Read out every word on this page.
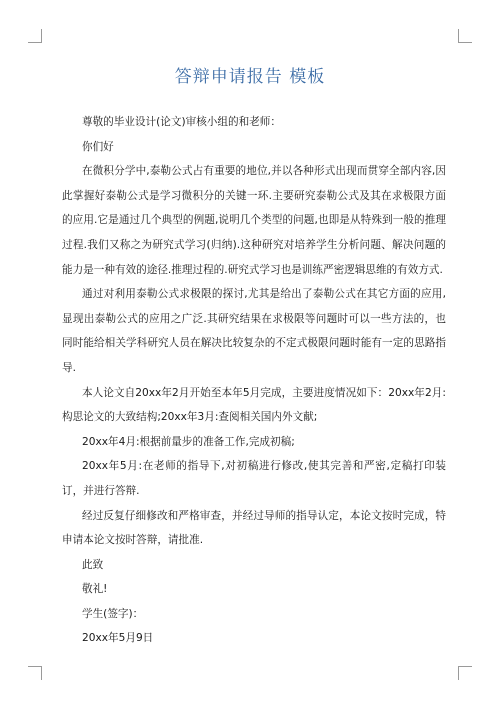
答辩申请报告 模板

尊敬的毕业设计(论文)审核小组的和老师：

你们好

在微积分学中,泰勒公式占有重要的地位,并以各种形式出现而贯穿全部内容,因此掌握好泰勒公式是学习微积分的关键一环.主要研究泰勒公式及其在求极限方面的应用.它是通过几个典型的例题,说明几个类型的问题,也即是从特殊到一般的推理过程.我们又称之为研究式学习(归纳).这种研究对培养学生分析问题、解决问题的能力是一种有效的途径.推理过程的.研究式学习也是训练严密逻辑思维的有效方式.

通过对利用泰勒公式求极限的探讨,尤其是给出了泰勒公式在其它方面的应用,显现出泰勒公式的应用之广泛.其研究结果在求极限等问题时可以一些方法的，也同时能给相关学科研究人员在解决比较复杂的不定式极限问题时能有一定的思路指导.

本人论文自20xx年2月开始至本年5月完成，主要进度情况如下：20xx年2月:构思论文的大致结构;20xx年3月:查阅相关国内外文献;

20xx年4月:根据前量步的准备工作,完成初稿;

20xx年5月:在老师的指导下,对初稿进行修改,使其完善和严密,定稿打印装订，并进行答辩.

经过反复仔细修改和严格审查，并经过导师的指导认定，本论文按时完成，特申请本论文按时答辩，请批准.

此致

敬礼!

学生(签字)：

20xx年5月9日
